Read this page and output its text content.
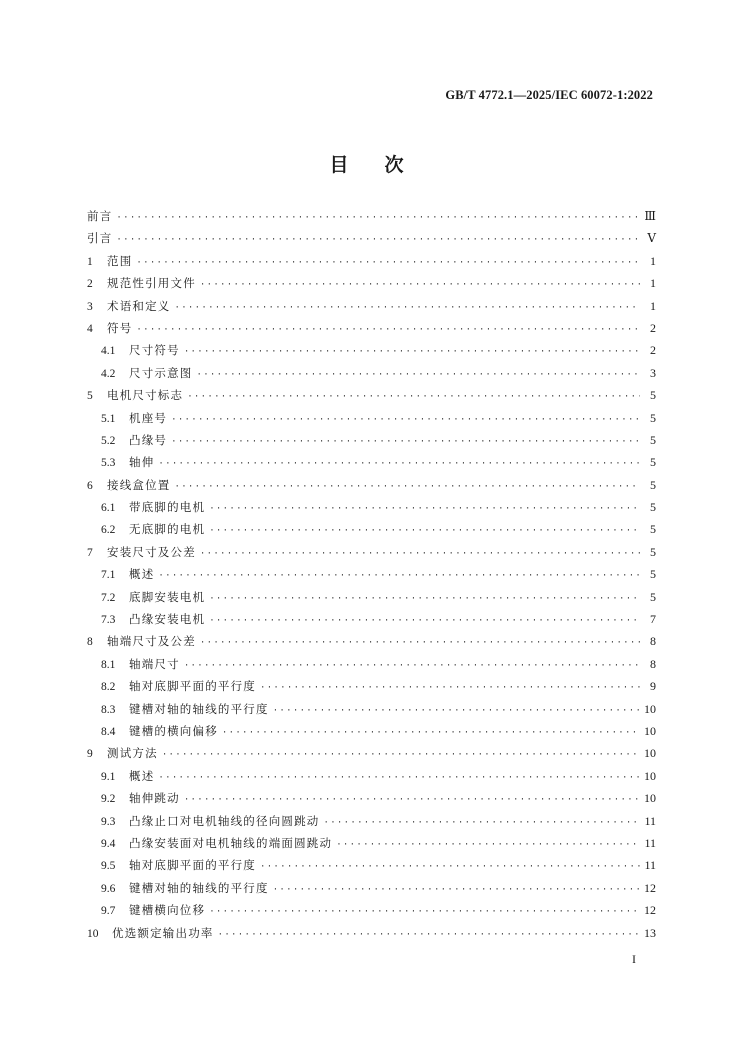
GB/T 4772.1—2025/IEC 60072-1:2022
目次
前言 ·····	Ⅲ
引言 ·····	Ⅴ
1	范围 ·····	1
2	规范性引用文件 ·····	1
3	术语和定义 ·····	1
4	符号 ·····	2
4.1	尺寸符号 ·····	2
4.2	尺寸示意图 ·····	3
5	电机尺寸标志 ·····	5
5.1	机座号 ·····	5
5.2	凸缘号 ·····	5
5.3	轴伸 ·····	5
6	接线盒位置 ·····	5
6.1	带底脚的电机 ·····	5
6.2	无底脚的电机 ·····	5
7	安装尺寸及公差 ·····	5
7.1	概述 ·····	5
7.2	底脚安装电机 ·····	5
7.3	凸缘安装电机 ·····	7
8	轴端尺寸及公差 ·····	8
8.1	轴端尺寸 ·····	8
8.2	轴对底脚平面的平行度 ·····	9
8.3	键槽对轴的轴线的平行度 ·····	10
8.4	键槽的横向偏移 ·····	10
9	测试方法 ·····	10
9.1	概述 ·····	10
9.2	轴伸跳动 ·····	10
9.3	凸缘止口对电机轴线的径向圆跳动 ·····	11
9.4	凸缘安装面对电机轴线的端面圆跳动 ·····	11
9.5	轴对底脚平面的平行度 ·····	11
9.6	键槽对轴的轴线的平行度 ·····	12
9.7	键槽横向位移 ·····	12
10	优选额定输出功率 ·····	13
I
